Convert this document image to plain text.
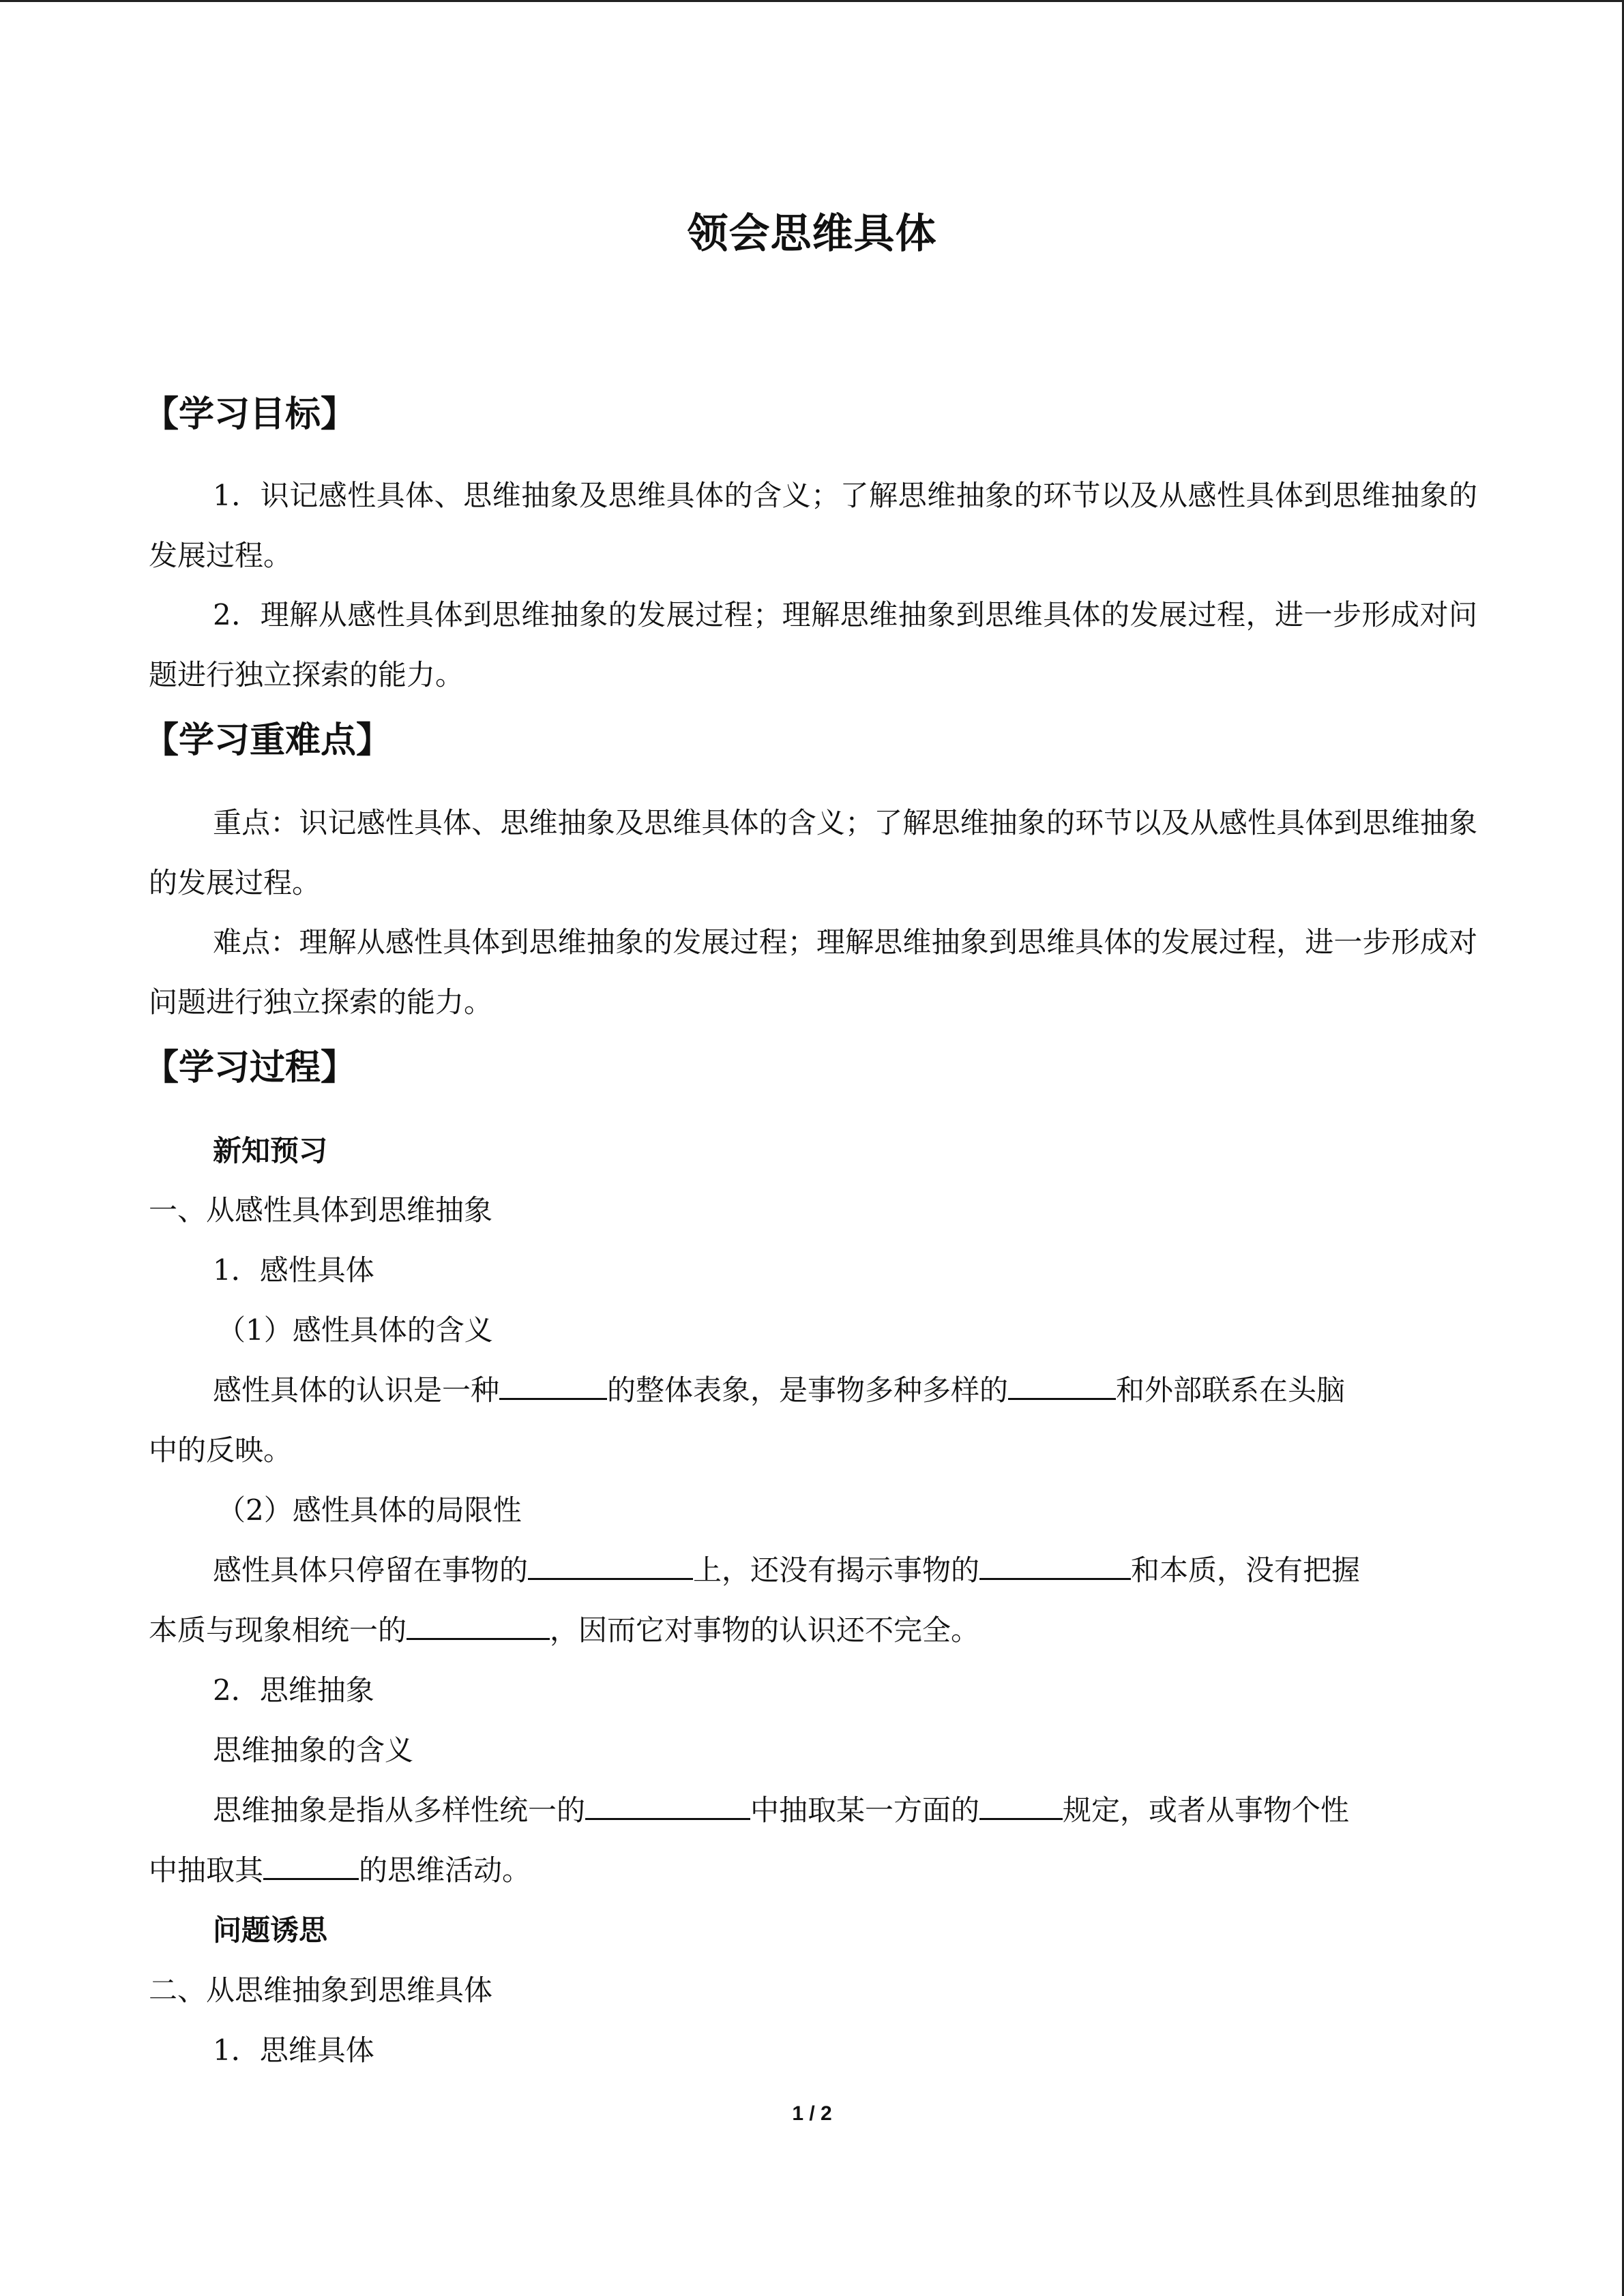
领会思维具体
【学习目标】
1．识记感性具体、思维抽象及思维具体的含义；了解思维抽象的环节以及从感性具体到思维抽象的发展过程。
2．理解从感性具体到思维抽象的发展过程；理解思维抽象到思维具体的发展过程，进一步形成对问题进行独立探索的能力。
【学习重难点】
重点：识记感性具体、思维抽象及思维具体的含义；了解思维抽象的环节以及从感性具体到思维抽象的发展过程。
难点：理解从感性具体到思维抽象的发展过程；理解思维抽象到思维具体的发展过程，进一步形成对问题进行独立探索的能力。
【学习过程】
新知预习
一、从感性具体到思维抽象
1．感性具体
（1）感性具体的含义
感性具体的认识是一种	的整体表象，是事物多种多样的	和外部联系在头脑
中的反映。
（2）感性具体的局限性
感性具体只停留在事物的	上，还没有揭示事物的	和本质，没有把握
本质与现象相统一的	，因而它对事物的认识还不完全。
2．思维抽象
思维抽象的含义
思维抽象是指从多样性统一的	中抽取某一方面的	规定，或者从事物个性
中抽取其	的思维活动。
问题诱思
二、从思维抽象到思维具体
1．思维具体
1 / 2
